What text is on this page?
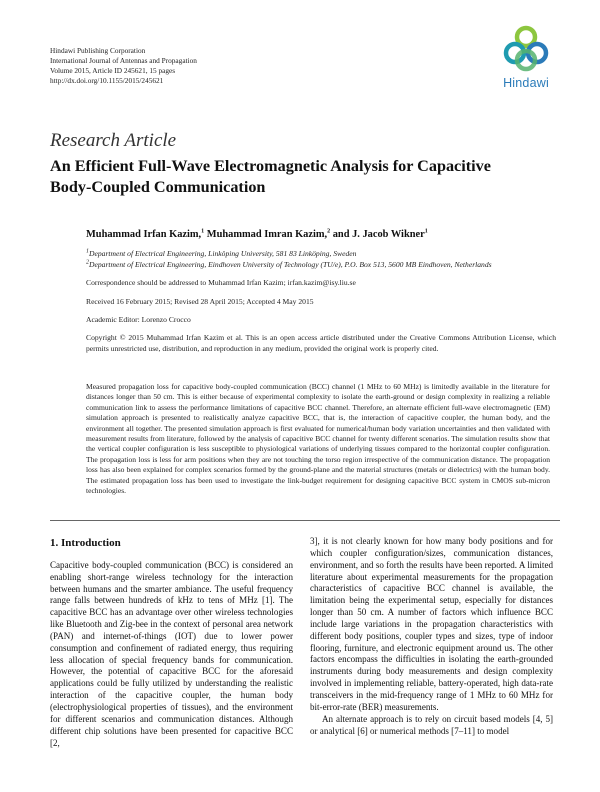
Hindawi Publishing Corporation
International Journal of Antennas and Propagation
Volume 2015, Article ID 245621, 15 pages
http://dx.doi.org/10.1155/2015/245621	Hindawi
Research Article
An Efficient Full-Wave Electromagnetic Analysis for Capacitive Body-Coupled Communication
Muhammad Irfan Kazim,$^1$ Muhammad Imran Kazim,$^2$ and J. Jacob Wikner$^1$
$^1$Department of Electrical Engineering, Linköping University, 581 83 Linköping, Sweden
$^2$Department of Electrical Engineering, Eindhoven University of Technology (TU/e), P.O. Box 513, 5600 MB Eindhoven, Netherlands
Correspondence should be addressed to Muhammad Irfan Kazim; irfan.kazim@isy.liu.se
Received 16 February 2015; Revised 28 April 2015; Accepted 4 May 2015
Academic Editor: Lorenzo Crocco
Copyright © 2015 Muhammad Irfan Kazim et al. This is an open access article distributed under the Creative Commons Attribution License, which permits unrestricted use, distribution, and reproduction in any medium, provided the original work is properly cited.
Measured propagation loss for capacitive body-coupled communication (BCC) channel (1 MHz to 60 MHz) is limitedly available in the literature for distances longer than 50 cm. This is either because of experimental complexity to isolate the earth-ground or design complexity in realizing a reliable communication link to assess the performance limitations of capacitive BCC channel. Therefore, an alternate efficient full-wave electromagnetic (EM) simulation approach is presented to realistically analyze capacitive BCC, that is, the interaction of capacitive coupler, the human body, and the environment all together. The presented simulation approach is first evaluated for numerical/human body variation uncertainties and then validated with measurement results from literature, followed by the analysis of capacitive BCC channel for twenty different scenarios. The simulation results show that the vertical coupler configuration is less susceptible to physiological variations of underlying tissues compared to the horizontal coupler configuration. The propagation loss is less for arm positions when they are not touching the torso region irrespective of the communication distance. The propagation loss has also been explained for complex scenarios formed by the ground-plane and the material structures (metals or dielectrics) with the human body. The estimated propagation loss has been used to investigate the link-budget requirement for designing capacitive BCC system in CMOS sub-micron technologies.
1. Introduction
Capacitive body-coupled communication (BCC) is considered an enabling short-range wireless technology for the interaction between humans and the smarter ambiance. The useful frequency range falls between hundreds of kHz to tens of MHz [1]. The capacitive BCC has an advantage over other wireless technologies like Bluetooth and Zig-bee in the context of personal area network (PAN) and internet-of-things (IOT) due to lower power consumption and confinement of radiated energy, thus requiring less allocation of special frequency bands for communication. However, the potential of capacitive BCC for the aforesaid applications could be fully utilized by understanding the realistic interaction of the capacitive coupler, the human body (electrophysiological properties of tissues), and the environment for different scenarios and communication distances. Although different chip solutions have been presented for capacitive BCC [2,
3], it is not clearly known for how many body positions and for which coupler configuration/sizes, communication distances, environment, and so forth the results have been reported. A limited literature about experimental measurements for the propagation characteristics of capacitive BCC channel is available, the limitation being the experimental setup, especially for distances longer than 50 cm. A number of factors which influence BCC include large variations in the propagation characteristics with different body positions, coupler types and sizes, type of indoor flooring, furniture, and electronic equipment around us. The other factors encompass the difficulties in isolating the earth-grounded instruments during body measurements and design complexity involved in implementing reliable, battery-operated, high data-rate transceivers in the mid-frequency range of 1 MHz to 60 MHz for bit-error-rate (BER) measurements.
An alternate approach is to rely on circuit based models [4, 5] or analytical [6] or numerical methods [7–11] to model
